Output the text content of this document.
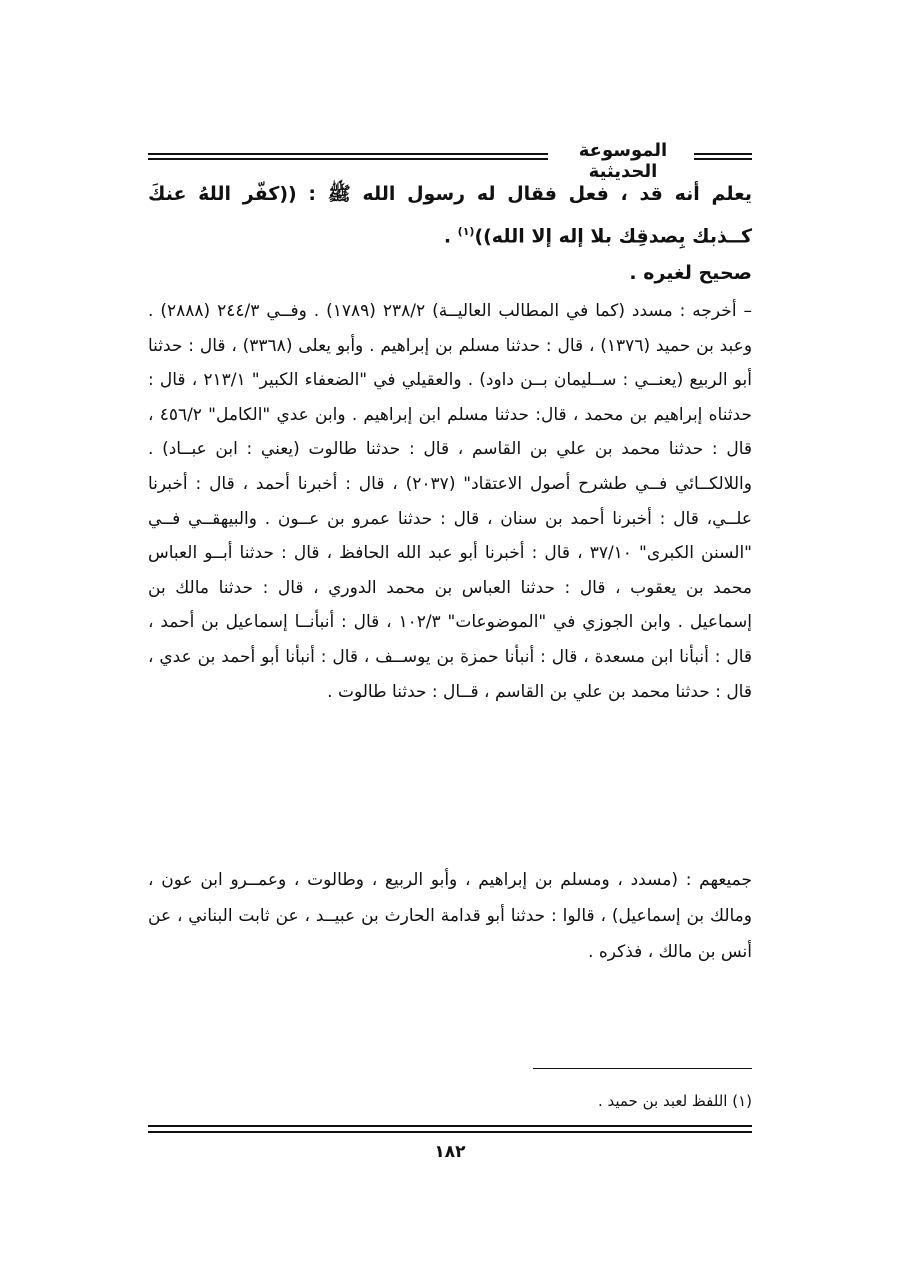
الموسوعة الحديثية
يعلم أنه قد ، فعل فقال له رسول الله ﷺ : ((كفّر اللهُ عنكَ كــذبك بِصدقِك بلا إله إلا الله))$^{(١)}$ .
صحيح لغيره .
– أخرجه : مسدد (كما في المطالب العاليــة) ٢٣٨/٢ (١٧٨٩) . وفــي ٢٤٤/٣ (٢٨٨٨) . وعبد بن حميد (١٣٧٦) ، قال : حدثنا مسلم بن إبراهيم . وأبو يعلى (٣٣٦٨) ، قال : حدثنا أبو الربيع (يعنــي : ســليمان بــن داود) . والعقيلي في "الضعفاء الكبير" ٢١٣/١ ، قال : حدثناه إبراهيم بن محمد ، قال: حدثنا مسلم ابن إبراهيم . وابن عدي "الكامل" ٤٥٦/٢ ، قال : حدثنا محمد بن علي بن القاسم ، قال : حدثنا طالوت (يعني : ابن عبــاد) . واللالكــائي فــي طشرح أصول الاعتقاد" (٢٠٣٧) ، قال : أخبرنا أحمد ، قال : أخبرنا علــي، قال : أخبرنا أحمد بن سنان ، قال : حدثنا عمرو بن عــون . والبيهقــي فــي "السنن الكبرى" ٣٧/١٠ ، قال : أخبرنا أبو عبد الله الحافظ ، قال : حدثنا أبــو العباس محمد بن يعقوب ، قال : حدثنا العباس بن محمد الدوري ، قال : حدثنا مالك بن إسماعيل . وابن الجوزي في "الموضوعات" ١٠٢/٣ ، قال : أنبأنــا إسماعيل بن أحمد ، قال : أنبأنا ابن مسعدة ، قال : أنبأنا حمزة بن يوســف ، قال : أنبأنا أبو أحمد بن عدي ، قال : حدثنا محمد بن علي بن القاسم ، قــال : حدثنا طالوت .
جميعهم : (مسدد ، ومسلم بن إبراهيم ، وأبو الربيع ، وطالوت ، وعمــرو ابن عون ، ومالك بن إسماعيل) ، قالوا : حدثنا أبو قدامة الحارث بن عبيــد ، عن ثابت البناني ، عن أنس بن مالك ، فذكره .
(١) اللفظ لعبد بن حميد .
١٨٢
